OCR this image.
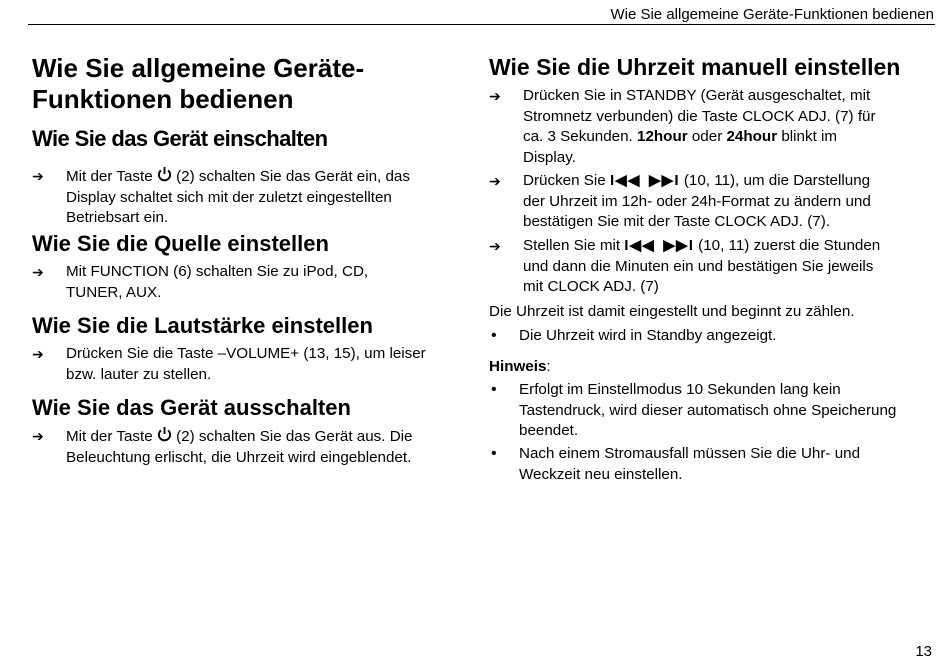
Wie Sie allgemeine Geräte-Funktionen bedienen
Wie Sie allgemeine Geräte-
Funktionen bedienen
Wie Sie das Gerät einschalten
➔	Mit der Taste  (2) schalten Sie das Gerät ein, das
Display schaltet sich mit der zuletzt eingestellten
Betriebsart ein.
Wie Sie die Quelle einstellen
➔	Mit FUNCTION (6) schalten Sie zu iPod, CD,
TUNER, AUX.
Wie Sie die Lautstärke einstellen
➔	Drücken Sie die Taste –VOLUME+ (13, 15), um leiser
bzw. lauter zu stellen.
Wie Sie das Gerät ausschalten
➔	Mit der Taste  (2) schalten Sie das Gerät aus. Die
Beleuchtung erlischt, die Uhrzeit wird eingeblendet.
Wie Sie die Uhrzeit manuell einstellen
➔	Drücken Sie in STANDBY (Gerät ausgeschaltet, mit
Stromnetz verbunden) die Taste CLOCK ADJ. (7) für
ca. 3 Sekunden. 12hour oder 24hour blinkt im
Display.
➔	Drücken Sie I◀◀ ▶▶I (10, 11), um die Darstellung
der Uhrzeit im 12h- oder 24h-Format zu ändern und
bestätigen Sie mit der Taste CLOCK ADJ. (7).
➔	Stellen Sie mit I◀◀ ▶▶I (10, 11) zuerst die Stunden
und dann die Minuten ein und bestätigen Sie jeweils
mit CLOCK ADJ. (7)
Die Uhrzeit ist damit eingestellt und beginnt zu zählen.
•	Die Uhrzeit wird in Standby angezeigt.
Hinweis:
•	Erfolgt im Einstellmodus 10 Sekunden lang kein
Tastendruck, wird dieser automatisch ohne Speicherung
beendet.
•	Nach einem Stromausfall müssen Sie die Uhr- und
Weckzeit neu einstellen.
13
